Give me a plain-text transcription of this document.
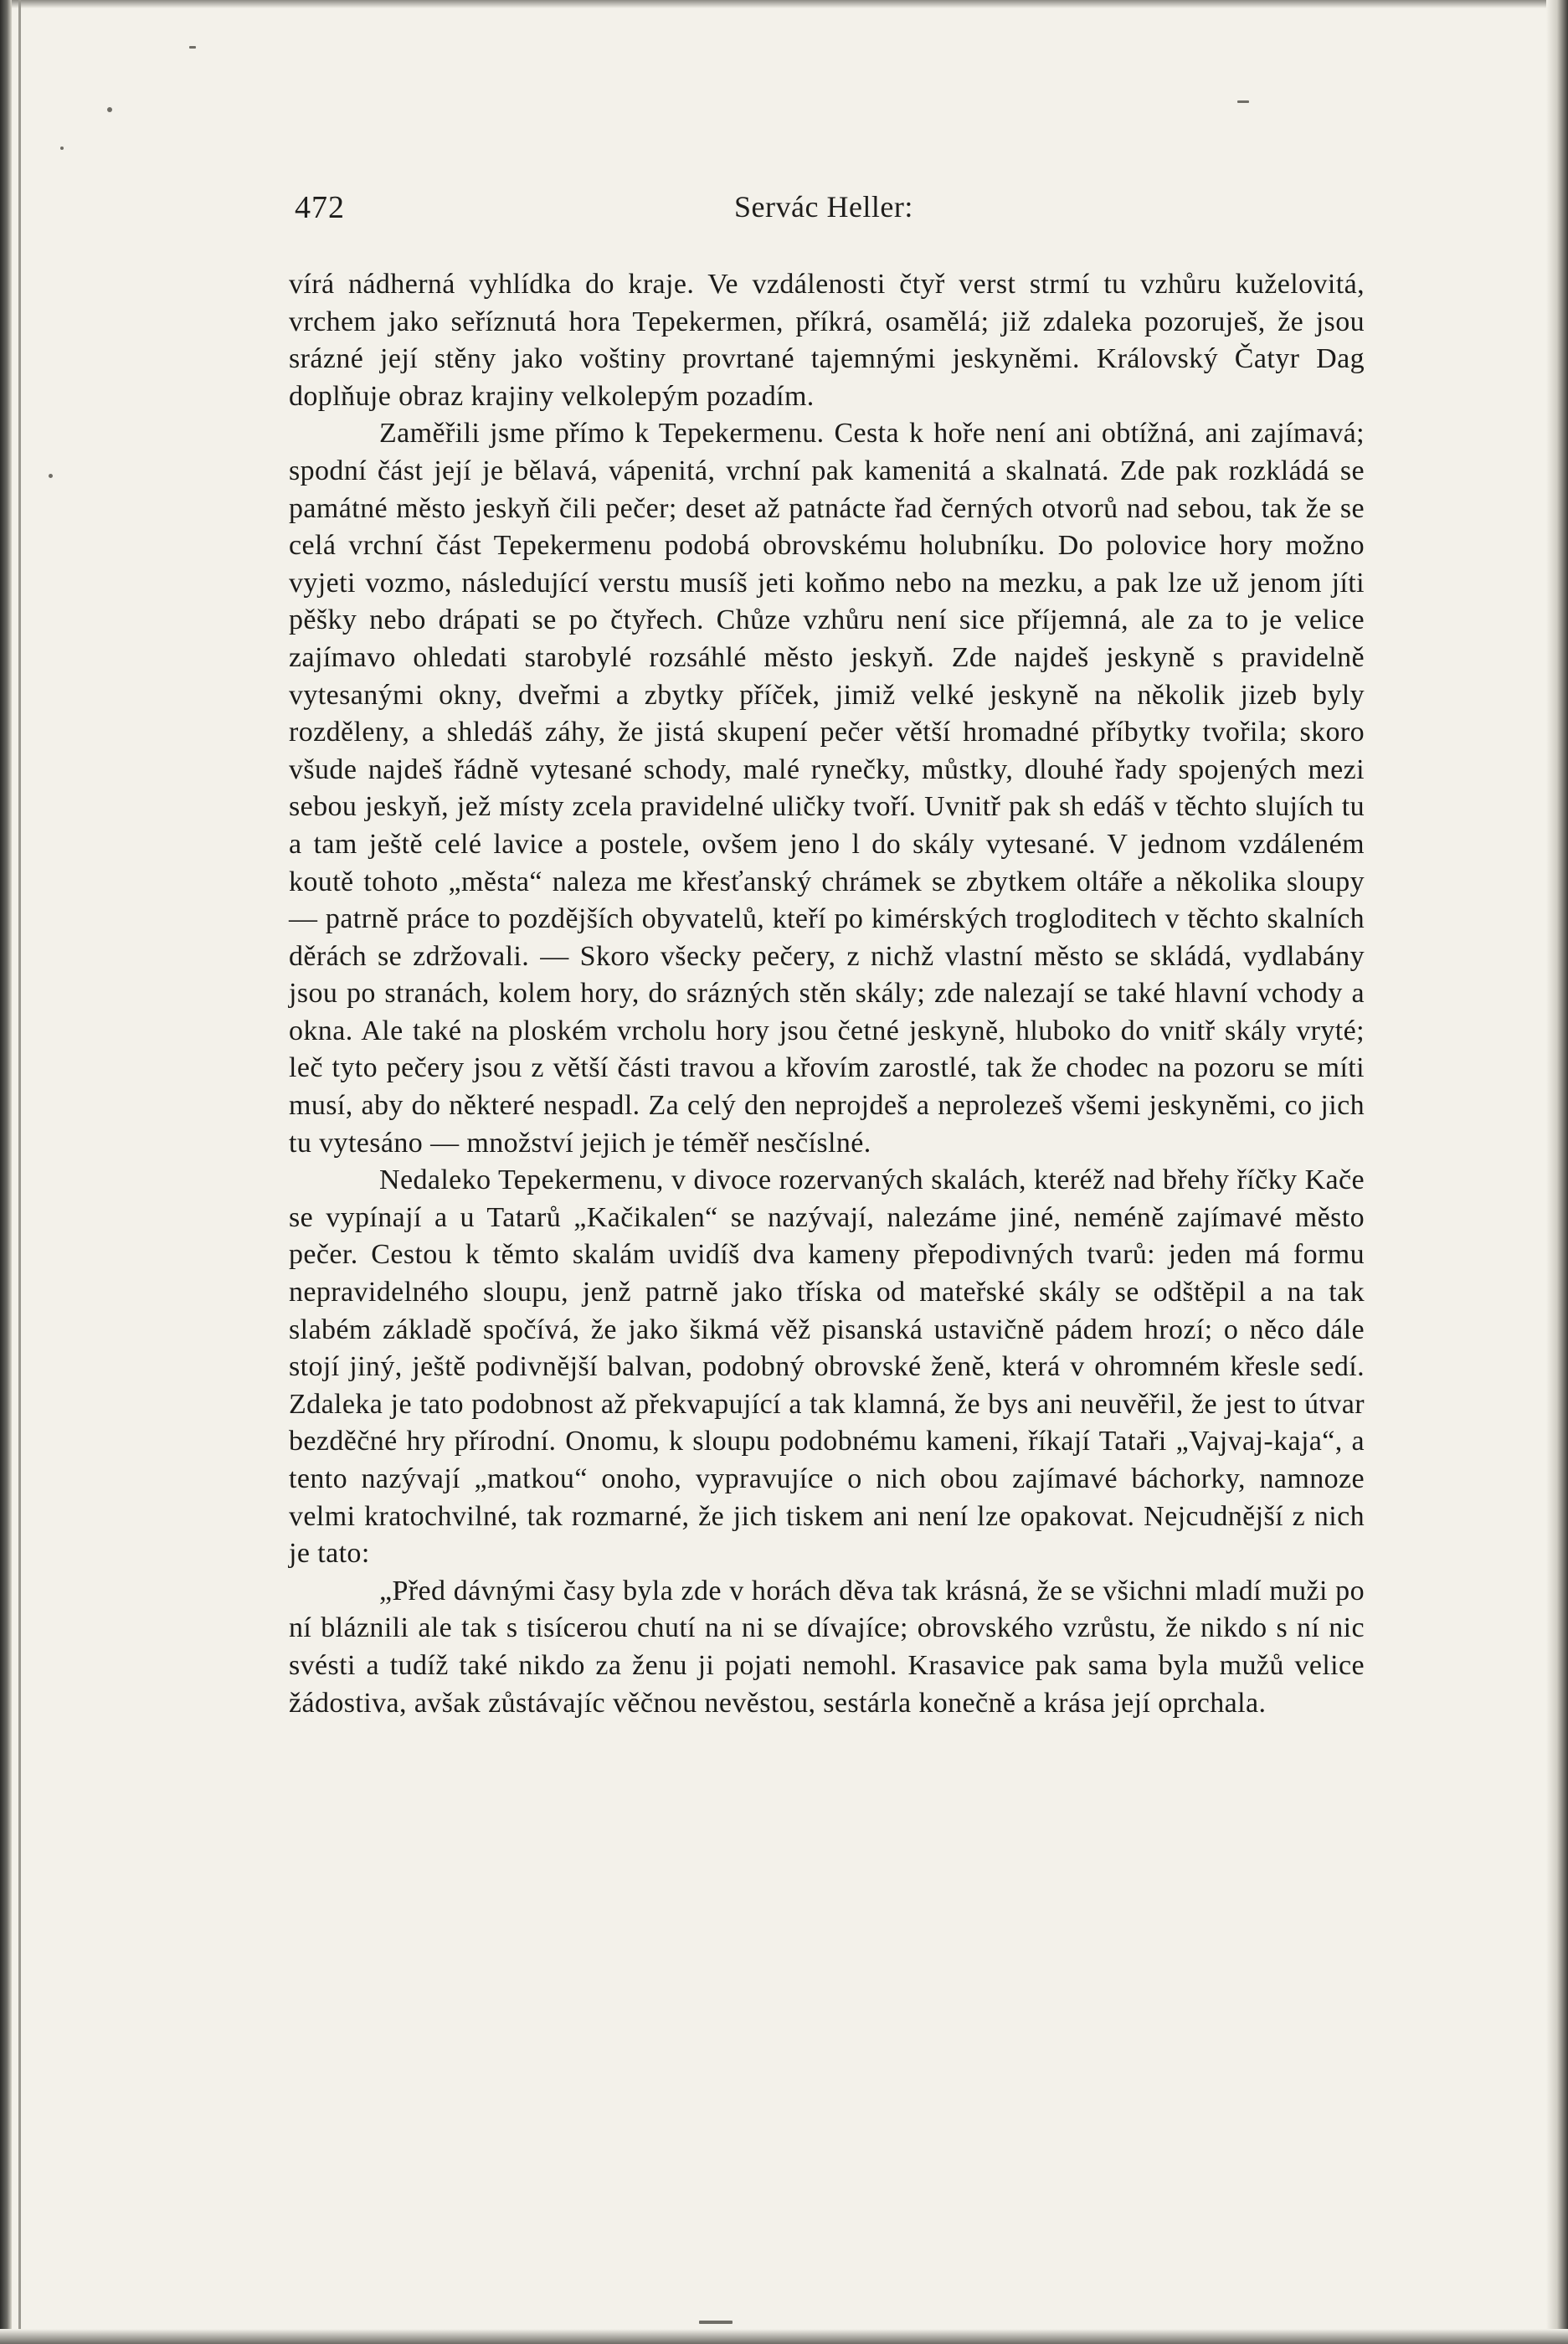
472	Servác Heller:

vírá nádherná vyhlídka do kraje. Ve vzdálenosti čtyř verst strmí tu vzhůru kuželovitá, vrchem jako seříznutá hora Tepekermen, příkrá, osamělá; již zdaleka pozoruješ, že jsou srázné její stěny jako voštiny provrtané tajemnými jeskyněmi. Královský Čatyr Dag doplňuje obraz krajiny velkolepým pozadím.

Zaměřili jsme přímo k Tepekermenu. Cesta k hoře není ani obtížná, ani zajímavá; spodní část její je bělavá, vápenitá, vrchní pak kamenitá a skalnatá. Zde pak rozkládá se památné město jeskyň čili pečer; deset až patnácte řad černých otvorů nad sebou, tak že se celá vrchní část Tepekermenu podobá obrovskému holubníku. Do polovice hory možno vyjeti vozmo, následující verstu musíš jeti koňmo nebo na mezku, a pak lze už jenom jíti pěšky nebo drápati se po čtyřech. Chůze vzhůru není sice příjemná, ale za to je velice zajímavo ohledati starobylé rozsáhlé město jeskyň. Zde najdeš jeskyně s pravidelně vytesanými okny, dveřmi a zbytky příček, jimiž velké jeskyně na několik jizeb byly rozděleny, a shledáš záhy, že jistá skupení pečer větší hromadné příbytky tvořila; skoro všude najdeš řádně vytesané schody, malé rynečky, můstky, dlouhé řady spojených mezi sebou jeskyň, jež místy zcela pravidelné uličky tvoří. Uvnitř pak sh edáš v těchto slujích tu a tam ještě celé lavice a postele, ovšem jeno l do skály vytesané. V jednom vzdáleném koutě tohoto „města“ naleza me křesťanský chrámek se zbytkem oltáře a několika sloupy — patrně práce to pozdějších obyvatelů, kteří po kimérských trogloditech v těchto skalních děrách se zdržovali. — Skoro všecky pečery, z nichž vlastní město se skládá, vydlabány jsou po stranách, kolem hory, do srázných stěn skály; zde nalezají se také hlavní vchody a okna. Ale také na ploském vrcholu hory jsou četné jeskyně, hluboko do vnitř skály vryté; leč tyto pečery jsou z větší části travou a křovím zarostlé, tak že chodec na pozoru se míti musí, aby do některé nespadl. Za celý den neprojdeš a neprolezeš všemi jeskyněmi, co jich tu vytesáno — množství jejich je téměř nesčíslné.

Nedaleko Tepekermenu, v divoce rozervaných skalách, kteréž nad břehy říčky Kače se vypínají a u Tatarů „Kačikalen“ se nazývají, nalezáme jiné, neméně zajímavé město pečer. Cestou k těmto skalám uvidíš dva kameny přepodivných tvarů: jeden má formu nepravidelného sloupu, jenž patrně jako tříska od mateřské skály se odštěpil a na tak slabém základě spočívá, že jako šikmá věž pisanská ustavičně pádem hrozí; o něco dále stojí jiný, ještě podivnější balvan, podobný obrovské ženě, která v ohromném křesle sedí. Zdaleka je tato podobnost až překvapující a tak klamná, že bys ani neuvěřil, že jest to útvar bezděčné hry přírodní. Onomu, k sloupu podobnému kameni, říkají Tataři „Vajvaj-kaja“, a tento nazývají „matkou“ onoho, vypravujíce o nich obou zajímavé báchorky, namnoze velmi kratochvilné, tak rozmarné, že jich tiskem ani není lze opakovat. Nejcudnější z nich je tato:

„Před dávnými časy byla zde v horách děva tak krásná, že se všichni mladí muži po ní bláznili ale tak s tisícerou chutí na ni se dívajíce; obrovského vzrůstu, že nikdo s ní nic svésti a tudíž také nikdo za ženu ji pojati nemohl. Krasavice pak sama byla mužů velice žádostiva, avšak zůstávajíc věčnou nevěstou, sestárla konečně a krása její oprchala.
